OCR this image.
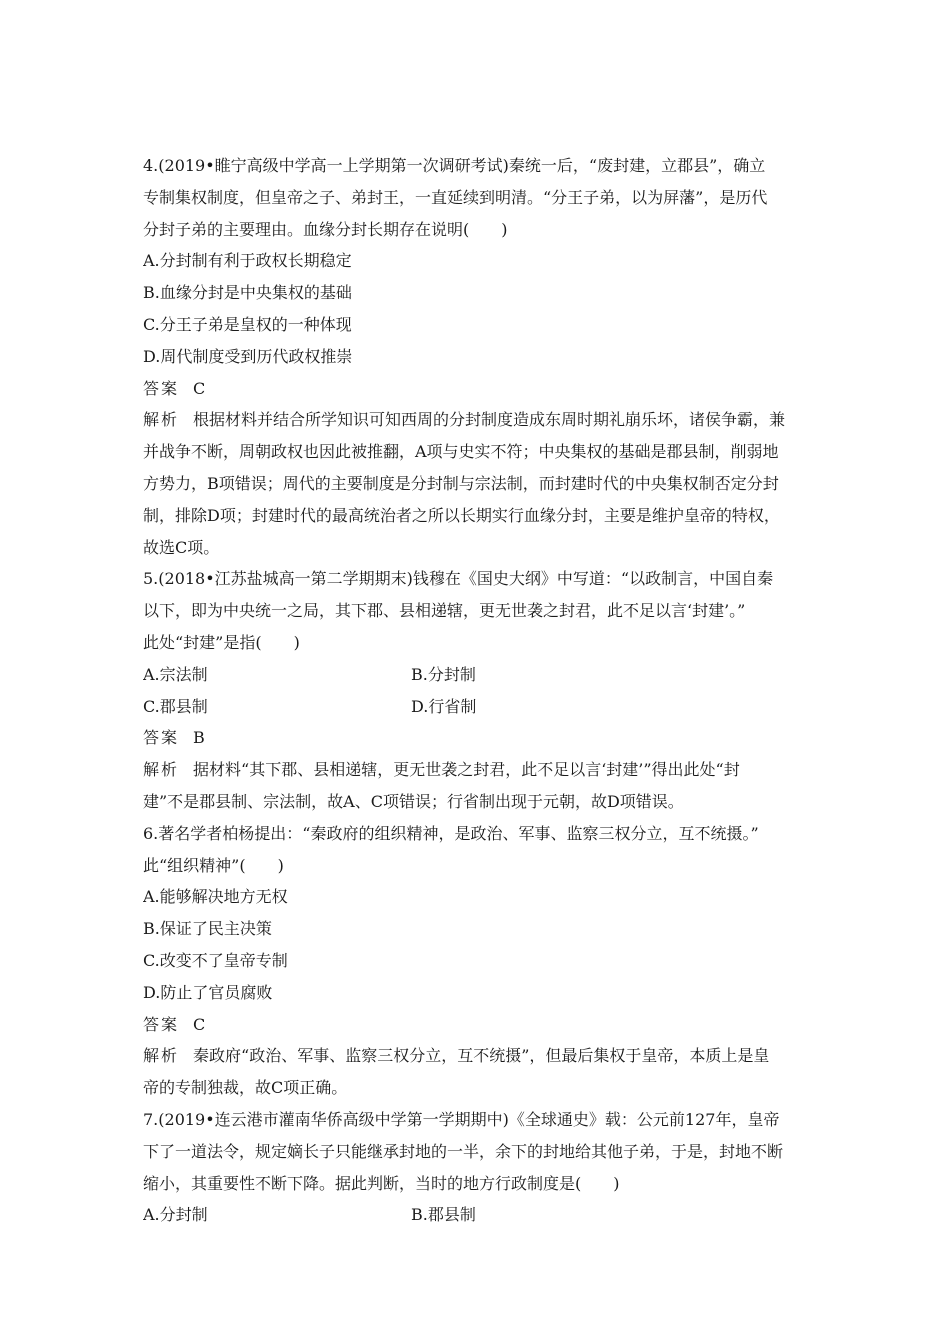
4.(2019•睢宁高级中学高一上学期第一次调研考试)秦统一后，“废封建，立郡县”，确立
专制集权制度，但皇帝之子、弟封王，一直延续到明清。“分王子弟，以为屏藩”，是历代
分封子弟的主要理由。血缘分封长期存在说明(　　)
A.分封制有利于政权长期稳定
B.血缘分封是中央集权的基础
C.分王子弟是皇权的一种体现
D.周代制度受到历代政权推崇
答案 C
解析 根据材料并结合所学知识可知西周的分封制度造成东周时期礼崩乐坏，诸侯争霸，兼
并战争不断，周朝政权也因此被推翻，A项与史实不符；中央集权的基础是郡县制，削弱地
方势力，B项错误；周代的主要制度是分封制与宗法制，而封建时代的中央集权制否定分封
制，排除D项；封建时代的最高统治者之所以长期实行血缘分封，主要是维护皇帝的特权，
故选C项。
5.(2018•江苏盐城高一第二学期期末)钱穆在《国史大纲》中写道：“以政制言，中国自秦
以下，即为中央统一之局，其下郡、县相递辖，更无世袭之封君，此不足以言‘封建’。”
此处“封建”是指(　　)
A.宗法制	B.分封制
C.郡县制	D.行省制
答案 B
解析 据材料“其下郡、县相递辖，更无世袭之封君，此不足以言‘封建’”得出此处“封
建”不是郡县制、宗法制，故A、C项错误；行省制出现于元朝，故D项错误。
6.著名学者柏杨提出：“秦政府的组织精神，是政治、军事、监察三权分立，互不统摄。”
此“组织精神”(　　)
A.能够解决地方无权
B.保证了民主决策
C.改变不了皇帝专制
D.防止了官员腐败
答案 C
解析 秦政府“政治、军事、监察三权分立，互不统摄”，但最后集权于皇帝，本质上是皇
帝的专制独裁，故C项正确。
7.(2019•连云港市灌南华侨高级中学第一学期期中)《全球通史》载：公元前127年，皇帝
下了一道法令，规定嫡长子只能继承封地的一半，余下的封地给其他子弟，于是，封地不断
缩小，其重要性不断下降。据此判断，当时的地方行政制度是(　　)
A.分封制	B.郡县制
